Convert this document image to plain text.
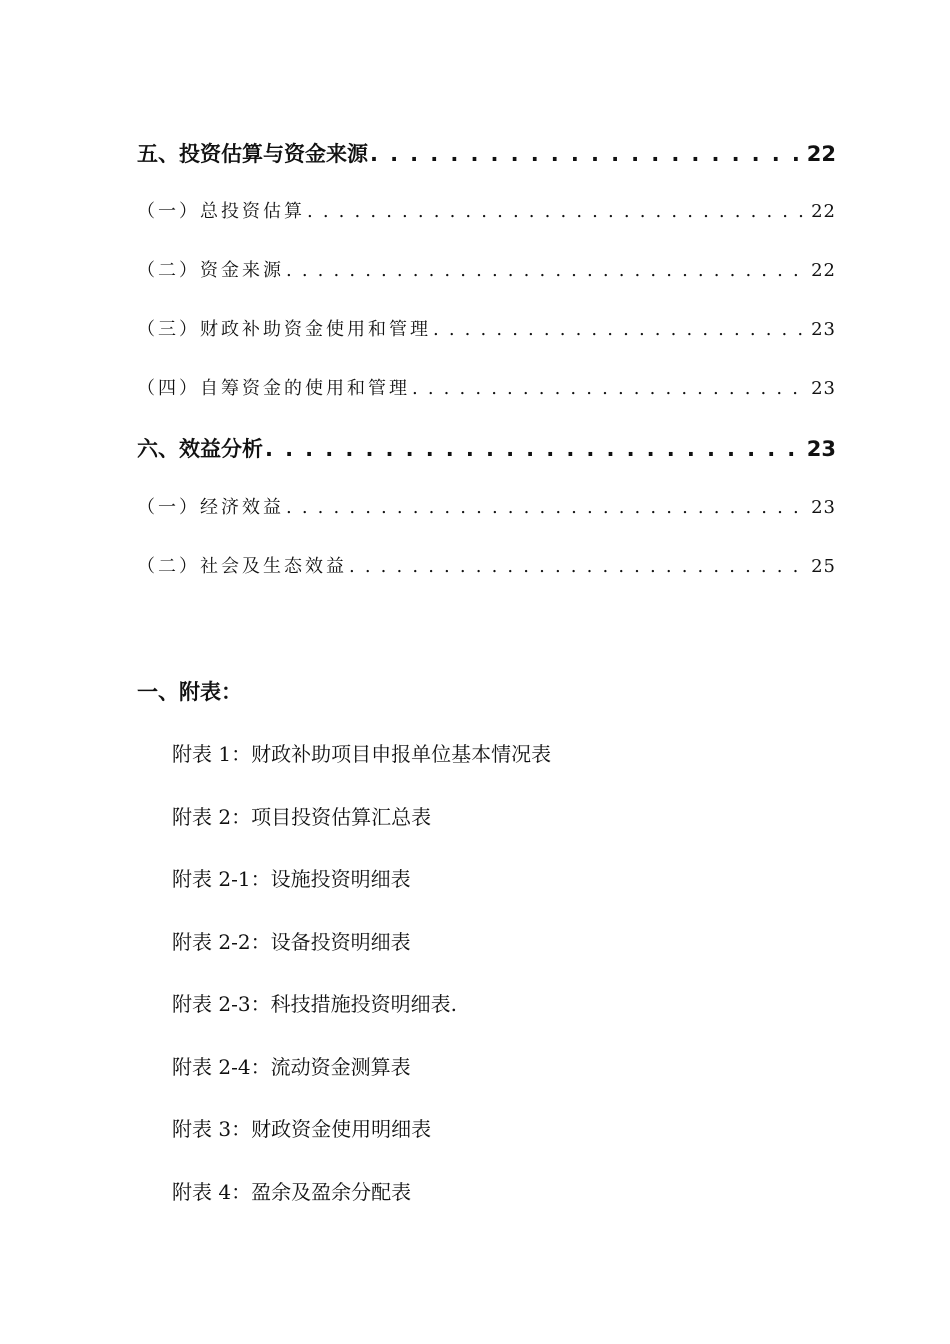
五、投资估算与资金来源 . . .	22
（一）总投资估算 . . .	22
（二）资金来源 . . .	22
（三）财政补助资金使用和管理 . . .	23
（四）自筹资金的使用和管理 . . .	23
六、效益分析 . . .	23
（一）经济效益 . . .	23
（二）社会及生态效益 . . .	25
一、附表：
附表 1：财政补助项目申报单位基本情况表
附表 2：项目投资估算汇总表
附表 2-1：设施投资明细表
附表 2-2：设备投资明细表
附表 2-3：科技措施投资明细表.
附表 2-4：流动资金测算表
附表 3：财政资金使用明细表
附表 4：盈余及盈余分配表
